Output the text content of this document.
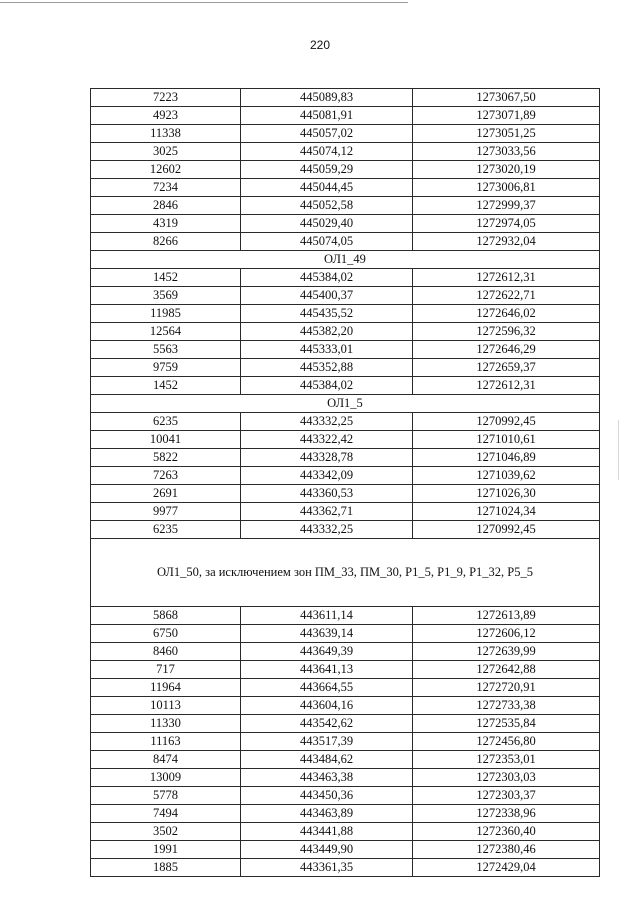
220
7223	445089,83	1273067,50
4923	445081,91	1273071,89
11338	445057,02	1273051,25
3025	445074,12	1273033,56
12602	445059,29	1273020,19
7234	445044,45	1273006,81
2846	445052,58	1272999,37
4319	445029,40	1272974,05
8266	445074,05	1272932,04
ОЛ1_49		
1452	445384,02	1272612,31
3569	445400,37	1272622,71
11985	445435,52	1272646,02
12564	445382,20	1272596,32
5563	445333,01	1272646,29
9759	445352,88	1272659,37
1452	445384,02	1272612,31
ОЛ1_5		
6235	443332,25	1270992,45
10041	443322,42	1271010,61
5822	443328,78	1271046,89
7263	443342,09	1271039,62
2691	443360,53	1271026,30
9977	443362,71	1271024,34
6235	443332,25	1270992,45
ОЛ1_50, за исключением зон ПМ_33, ПМ_30, Р1_5, Р1_9, Р1_32, Р5_5		
5868	443611,14	1272613,89
6750	443639,14	1272606,12
8460	443649,39	1272639,99
717	443641,13	1272642,88
11964	443664,55	1272720,91
10113	443604,16	1272733,38
11330	443542,62	1272535,84
11163	443517,39	1272456,80
8474	443484,62	1272353,01
13009	443463,38	1272303,03
5778	443450,36	1272303,37
7494	443463,89	1272338,96
3502	443441,88	1272360,40
1991	443449,90	1272380,46
1885	443361,35	1272429,04
